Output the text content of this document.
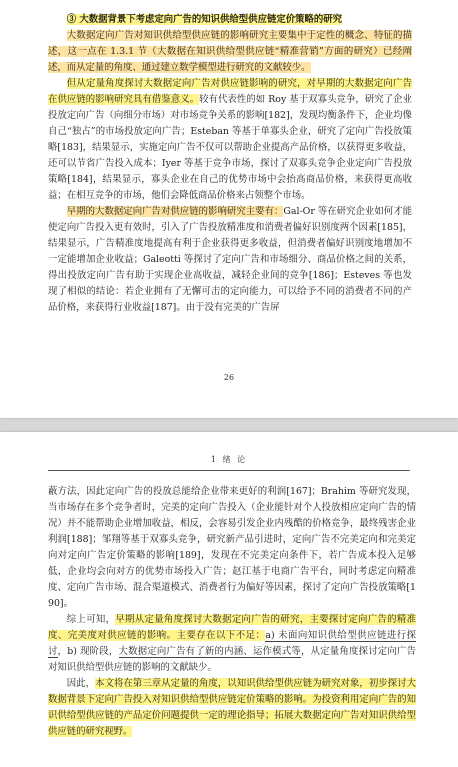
③ 大数据背景下考虑定向广告的知识供给型供应链定价策略的研究

大数据定向广告对知识供给型供应链的影响研究主要集中于定性的概念、特征的描述，这一点在 1.3.1 节（大数据在知识供给型供应链“精准营销”方面的研究）已经阐述，而从定量的角度、通过建立数学模型进行研究的文献较少。

但从定量角度探讨大数据定向广告对供应链影响的研究，对早期的大数据定向广告在供应链的影响研究具有借鉴意义。较有代表性的如 Roy 基于双寡头竞争，研究了企业投放定向广告（向细分市场）对市场竞争关系的影响[182]，发现均衡条件下，企业均像自己“独占”的市场投放定向广告；Esteban 等基于单寡头企业，研究了定向广告投放策略[183]，结果显示，实施定向广告不仅可以帮助企业提高产品价格，以获得更多收益，还可以节省广告投入成本；Iyer 等基于竞争市场，探讨了双寡头竞争企业定向广告投放策略[184]，结果显示，寡头企业在自己的优势市场中会抬高商品价格，来获得更高收益；在相互竞争的市场，他们会降低商品价格来占领整个市场。

早期的大数据定向广告对供应链的影响研究主要有：Gal-Or 等在研究企业如何才能使定向广告投入更有效时，引入了广告投放精准度和消费者偏好识别度两个因素[185]，结果显示，广告精准度地提高有利于企业获得更多收益，但消费者偏好识别度地增加不一定能增加企业收益；Galeotti 等探讨了定向广告和市场细分、商品价格之间的关系，得出投放定向广告有助于实现企业高收益，减轻企业间的竞争[186]；Esteves 等也发现了相似的结论：若企业拥有了无懈可击的定向能力，可以给予不同的消费者不同的产品价格，来获得行业收益[187]。由于没有完美的广告屏

26
1 绪 论

蔽方法，因此定向广告的投放总能给企业带来更好的利润[167]；Brahim 等研究发现，当市场存在多个竞争者时，完美的定向广告投入（企业能针对个人投放相应定向广告的情况）并不能帮助企业增加收益，相反，会容易引发企业内残酷的价格竞争，最终残害企业利润[188]；邹翔等基于双寡头竞争，研究新产品引进时，定向广告不完美定向和完美定向对定向广告定价策略的影响[189]，发现在不完美定向条件下，若广告成本投入足够低，企业均会向对方的优势市场投入广告；赵江基于电商广告平台，同时考虑定向精准度、定向广告市场、混合渠道模式、消费者行为偏好等因素，探讨了定向广告投放策略[190]。

综上可知，早期从定量角度探讨大数据定向广告的研究，主要探讨定向广告的精准度、完美度对供应链的影响。主要存在以下不足：a) 未面向知识供给型供应链进行探讨，b) 现阶段，大数据定向广告有了新的内涵、运作模式等，从定量角度探讨定向广告对知识供给型供应链的影响的文献缺少。

因此，本文将在第三章从定量的角度，以知识供给型供应链为研究对象，初步探讨大数据背景下定向广告投入对知识供给型供应链定价策略的影响。为投资利用定向广告的知识供给型供应链的产品定价问题提供一定的理论指导；拓展大数据定向广告对知识供给型供应链的研究视野。
